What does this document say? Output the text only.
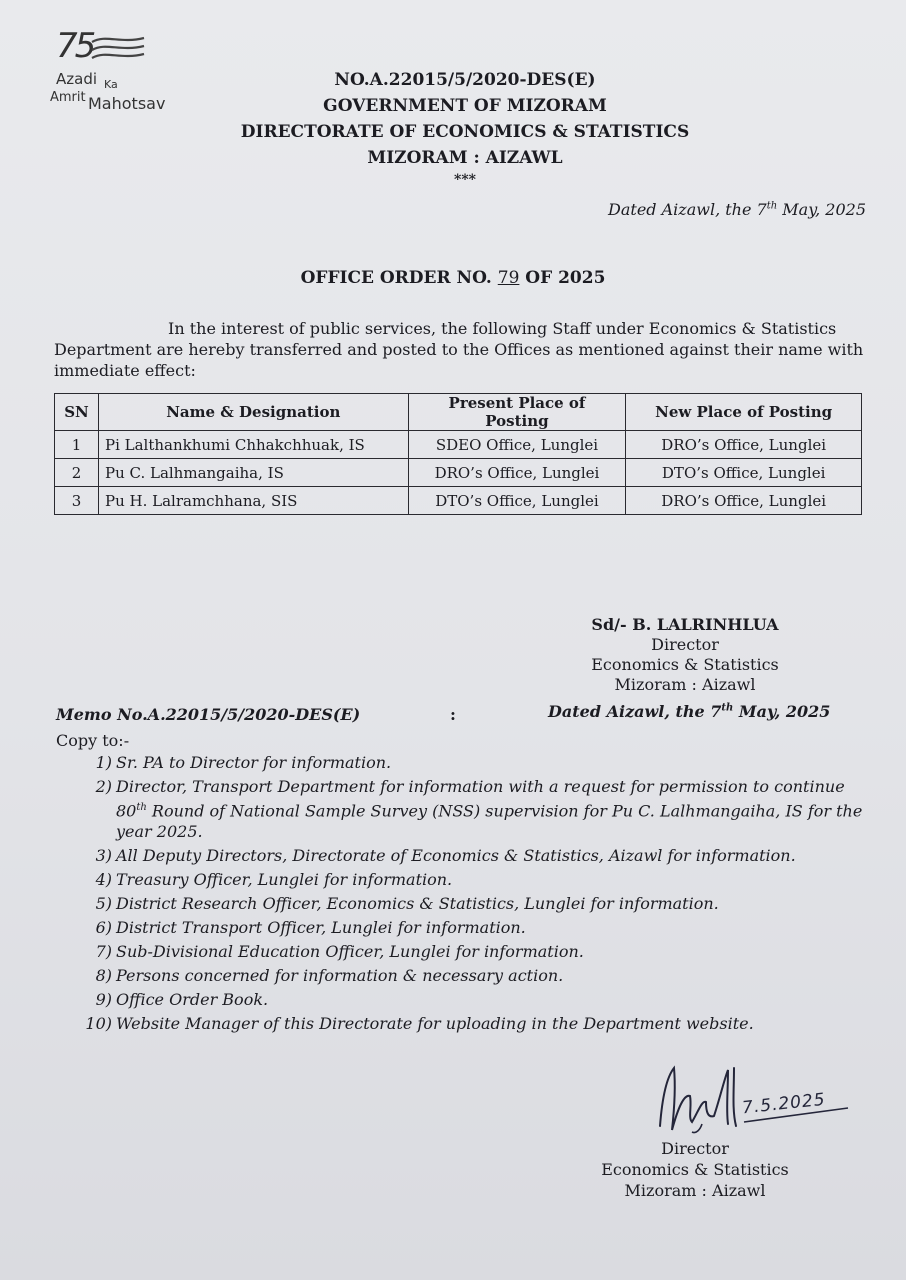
75
Azadi Ka
Amrit Mahotsav
NO.A.22015/5/2020-DES(E)
GOVERNMENT OF MIZORAM
DIRECTORATE OF ECONOMICS & STATISTICS
MIZORAM : AIZAWL
***
Dated Aizawl, the 7th May, 2025
OFFICE ORDER NO. 79 OF 2025
In the interest of public services, the following Staff under Economics & Statistics Department are hereby transferred and posted to the Offices as mentioned against their name with immediate effect:
SN	Name & Designation	Present Place of Posting	New Place of Posting
1	Pi Lalthankhumi Chhakchhuak, IS	SDEO Office, Lunglei	DRO’s Office, Lunglei
2	Pu C. Lalhmangaiha, IS	DRO’s Office, Lunglei	DTO’s Office, Lunglei
3	Pu H. Lalramchhana, SIS	DTO’s Office, Lunglei	DRO’s Office, Lunglei
Sd/- B. LALRINHLUA
Director
Economics & Statistics
Mizoram : Aizawl
Memo No.A.22015/5/2020-DES(E)	:	Dated Aizawl, the 7th May, 2025
Copy to:-
1) Sr. PA to Director for information.
2) Director, Transport Department for information with a request for permission to continue 80th Round of National Sample Survey (NSS) supervision for Pu C. Lalhmangaiha, IS for the year 2025.
3) All Deputy Directors, Directorate of Economics & Statistics, Aizawl for information.
4) Treasury Officer, Lunglei for information.
5) District Research Officer, Economics & Statistics, Lunglei for information.
6) District Transport Officer, Lunglei for information.
7) Sub-Divisional Education Officer, Lunglei for information.
8) Persons concerned for information & necessary action.
9) Office Order Book.
10) Website Manager of this Directorate for uploading in the Department website.
7.5.2025
Director
Economics & Statistics
Mizoram : Aizawl
